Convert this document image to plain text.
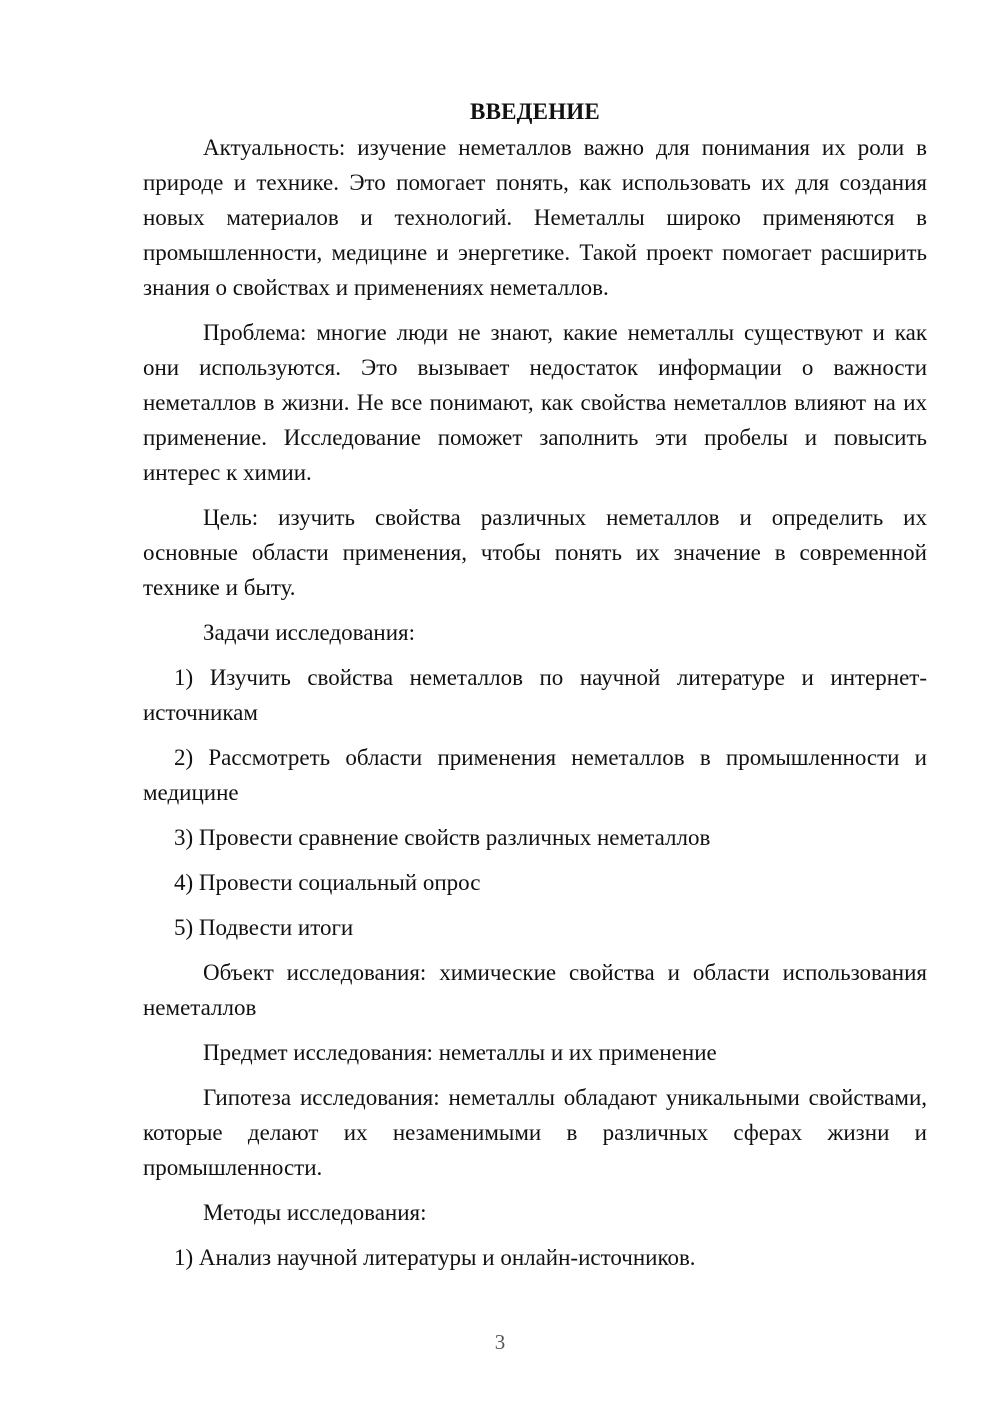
ВВЕДЕНИЕ

Актуальность: изучение неметаллов важно для понимания их роли в природе и технике. Это помогает понять, как использовать их для создания новых материалов и технологий. Неметаллы широко применяются в промышленности, медицине и энергетике. Такой проект помогает расширить знания о свойствах и применениях неметаллов.

Проблема: многие люди не знают, какие неметаллы существуют и как они используются. Это вызывает недостаток информации о важности неметаллов в жизни. Не все понимают, как свойства неметаллов влияют на их применение. Исследование поможет заполнить эти пробелы и повысить интерес к химии.

Цель: изучить свойства различных неметаллов и определить их основные области применения, чтобы понять их значение в современной технике и быту.

Задачи исследования:

1) Изучить свойства неметаллов по научной литературе и интернет-источникам

2) Рассмотреть области применения неметаллов в промышленности и медицине

3) Провести сравнение свойств различных неметаллов

4) Провести социальный опрос

5) Подвести итоги

Объект исследования: химические свойства и области использования неметаллов

Предмет исследования: неметаллы и их применение

Гипотеза исследования: неметаллы обладают уникальными свойствами, которые делают их незаменимыми в различных сферах жизни и промышленности.

Методы исследования:

1) Анализ научной литературы и онлайн-источников.

3
